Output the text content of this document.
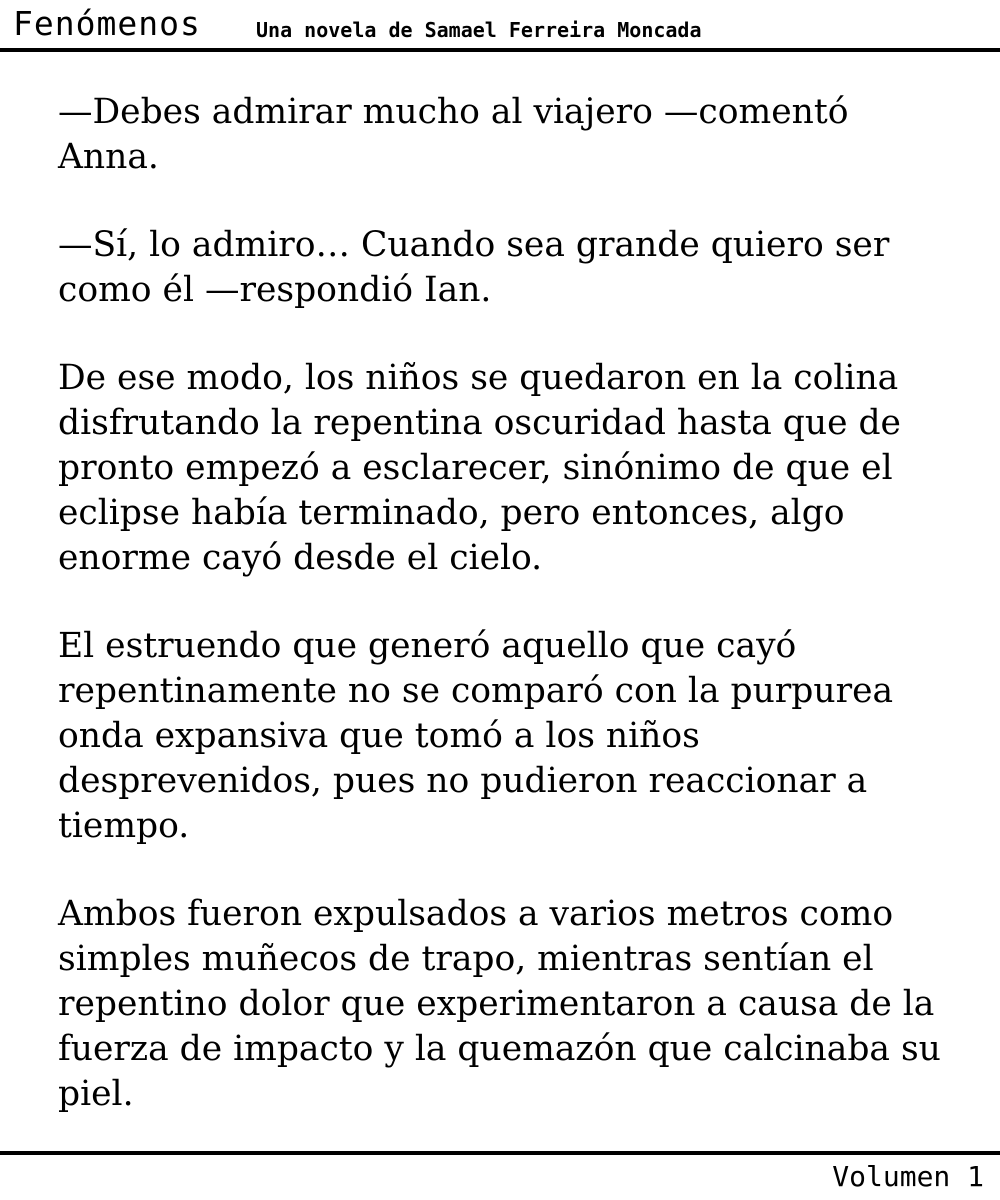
Fenómenos	Una novela de Samael Ferreira Moncada

—Debes admirar mucho al viajero —comentó
Anna.

—Sí, lo admiro… Cuando sea grande quiero ser
como él —respondió Ian.

De ese modo, los niños se quedaron en la colina
disfrutando la repentina oscuridad hasta que de
pronto empezó a esclarecer, sinónimo de que el
eclipse había terminado, pero entonces, algo
enorme cayó desde el cielo.

El estruendo que generó aquello que cayó
repentinamente no se comparó con la purpurea
onda expansiva que tomó a los niños
desprevenidos, pues no pudieron reaccionar a
tiempo.

Ambos fueron expulsados a varios metros como
simples muñecos de trapo, mientras sentían el
repentino dolor que experimentaron a causa de la
fuerza de impacto y la quemazón que calcinaba su
piel.

Volumen 1
